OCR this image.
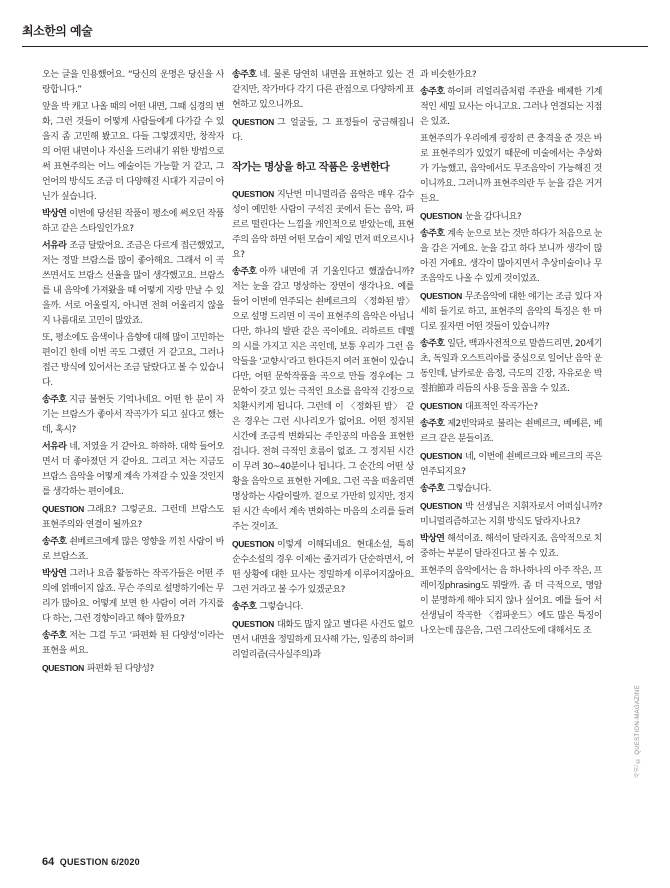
최소한의 예술

오는 글을 인용했어요. “당신의 운명은 당신을 사랑합니다.”

앞을 박 캐고 나올 때의 어떤 내면, 그때 심경의 변화, 그런 것들이 어떻게 사람들에게 다가갈 수 있을지 좀 고민해 봤고요. 다들 그렇겠지만, 창작자의 어떤 내면이나 자신을 드러내기 위한 방법으로써 표현주의는 어느 예술이든 가능할 거 같고, 그 언어의 방식도 조금 더 다양해진 시대가 지금이 아닌가 싶습니다.

박상연 이번에 당선된 작품이 평소에 써오던 작품하고 같은 스타일인가요?

서유라 조금 달랐어요. 조금은 다르게 접근했었고, 저는 정말 브람스를 많이 좋아해요. 그래서 이 곡 쓰면서도 브람스 선율을 많이 생각했고요. 브람스를 내 음악에 가져왔을 때 어떻게 지랑 만날 수 있을까. 서로 어울릴지, 아니면 전혀 어울리지 않을지 나름대로 고민이 많았죠.

또, 평소에도 음색이나 음향에 대해 많이 고민하는 편이긴 한데 이번 곡도 그랬던 거 같고요, 그러나 접근 방식에 있어서는 조금 달랐다고 볼 수 있습니다.

송주호 지금 불현듯 기억나네요. 어떤 한 분이 자기는 브람스가 좋아서 작곡가가 되고 싶다고 했는데, 혹시?

서유라 네, 저였을 거 같아요. 하하하. 대학 들어오면서 더 좋아졌던 거 같아요. 그리고 저는 지금도 브람스 음악을 어떻게 계속 가져갈 수 있을 것인지를 생각하는 편이에요.

QUESTION 그래요? 그렇군요. 그런데 브람스도 표현주의와 연결이 될까요?

송주호 쇤베르크에게 많은 영향을 끼친 사람이 바로 브람스죠.

박상연 그러나 요즘 활동하는 작곡가들은 어떤 주의에 얽매이지 않죠. 무슨 주의로 설명하기에는 무리가 많아요. 어떻게 보면 한 사람이 여러 가지를 다 하는, 그런 경향이라고 해야 할까요?

송주호 저는 그걸 두고 ‘파편화 된 다양성’이라는 표현을 써요.

QUESTION 파편화 된 다양성?

송주호 네. 물론 당연히 내면을 표현하고 있는 건 같지만, 작가마다 각기 다른 관점으로 다양하게 표현하고 있으니까요.

QUESTION 그 얼굴들, 그 표정들이 궁금해집니다.

작가는 명상을 하고 작품은 웅변한다

QUESTION 지난번 미니멀리즘 음악은 매우 감수성이 예민한 사람이 구석진 곳에서 듣는 음악, 파르르 떨린다는 느낌을 개인적으로 받았는데, 표현주의 음악 하면 어떤 모습이 제일 먼저 떠오르시나요?

송주호 아까 내면에 귀 기울인다고 했잖습니까? 저는 눈을 감고 명상하는 장면이 생각나요. 예를 들어 이번에 연주되는 쇤베르크의 〈정화된 밤〉으로 설명 드리면 이 곡이 표현주의 음악은 아닙니다만, 하나의 발판 같은 곡이에요. 리하르트 데멜의 시를 가지고 지은 곡인데, 보통 우리가 그런 음악들을 ‘교향시’라고 한다든지 여러 표현이 있습니다만, 어떤 문학작품을 곡으로 만들 경우에는 그 문학이 갖고 있는 극적인 요소를 음악적 긴장으로 치환시키게 됩니다. 그런데 이 〈정화된 밤〉 같은 경우는 그런 시나리오가 없어요. 어떤 정지된 시간에 조금씩 변화되는 주인공의 마음을 표현한 겁니다. 전혀 극적인 흐름이 없죠. 그 정지된 시간이 무려 30~40분이나 됩니다. 그 순간의 어떤 상황을 음악으로 표현한 거예요. 그런 곡을 떠올리면 명상하는 사람이랄까. 겉으로 가만히 있지만, 정지된 시간 속에서 계속 변화하는 마음의 소리를 들려주는 것이죠.

QUESTION 이렇게 이해되네요. 현대소설, 특히 순수소설의 경우 이제는 줄거리가 단순하면서, 어떤 상황에 대한 묘사는 정밀하게 이루어지잖아요. 그런 거라고 볼 수가 있겠군요?

송주호 그렇습니다.

QUESTION 대화도 많지 않고 별다른 사건도 없으면서 내면을 정밀하게 묘사해 가는, 일종의 하이퍼 리얼리즘(극사실주의)과

과 비슷한가요?

송주호 하이퍼 리얼리즘처럼 주관을 배제한 기계적인 세밀 묘사는 아니고요. 그러나 연결되는 지점은 있죠.

표현주의가 우리에게 굉장히 큰 충격을 준 것은 바로 표현주의가 있었기 때문에 미술에서는 추상화가 가능했고, 음악에서도 무조음악이 가능해진 것이니까요. 그러니까 표현주의란 두 눈을 감은 거거든요.

QUESTION 눈을 감다니요?

송주호 계속 눈으로 보는 것만 하다가 처음으로 눈을 감은 거예요. 눈을 감고 하다 보니까 생각이 많아진 거예요. 생각이 많아지면서 추상미술이나 무조음악도 나올 수 있게 것이었죠.

QUESTION 무조음악에 대한 얘기는 조금 있다 자세히 들기로 하고, 표현주의 음악의 특징은 한 마디로 짚자면 어떤 것들이 있습니까?

송주호 일단, 백과사전적으로 말씀드리면, 20세기 초, 독일과 오스트리아를 중심으로 일어난 음악 운동인데, 날카로운 음정, 극도의 긴장, 자유로운 박절拍節과 리듬의 사용 등을 꼽을 수 있죠.

QUESTION 대표적인 작곡가는?

송주호 제2빈악파로 불리는 쇤베르크, 베베른, 베르크 같은 분들이죠.

QUESTION 네, 이번에 쇤베르크와 베르크의 곡은 연주되지요?

송주호 그렇습니다.

QUESTION 박 선생님은 지휘자로서 어떠십니까? 미니멀리즘하고는 지휘 방식도 달라지나요?

박상연 해석이죠. 해석이 달라지죠. 음악적으로 치중하는 부분이 달라진다고 볼 수 있죠.

표현주의 음악에서는 음 하나하나의 아주 작은, 프레이징phrasing도 뭐랄까. 좀 더 극적으로, 명암이 분명하게 해야 되지 않나 싶어요. 예를 들어 서 선생님이 작곡한 〈컴파운드〉에도 많은 특징이 나오는데 끊은음, 그런 그리산도에 대해서도 조

64 QUESTION 6/2020
사진 © QUESTION-MAGAZINE
